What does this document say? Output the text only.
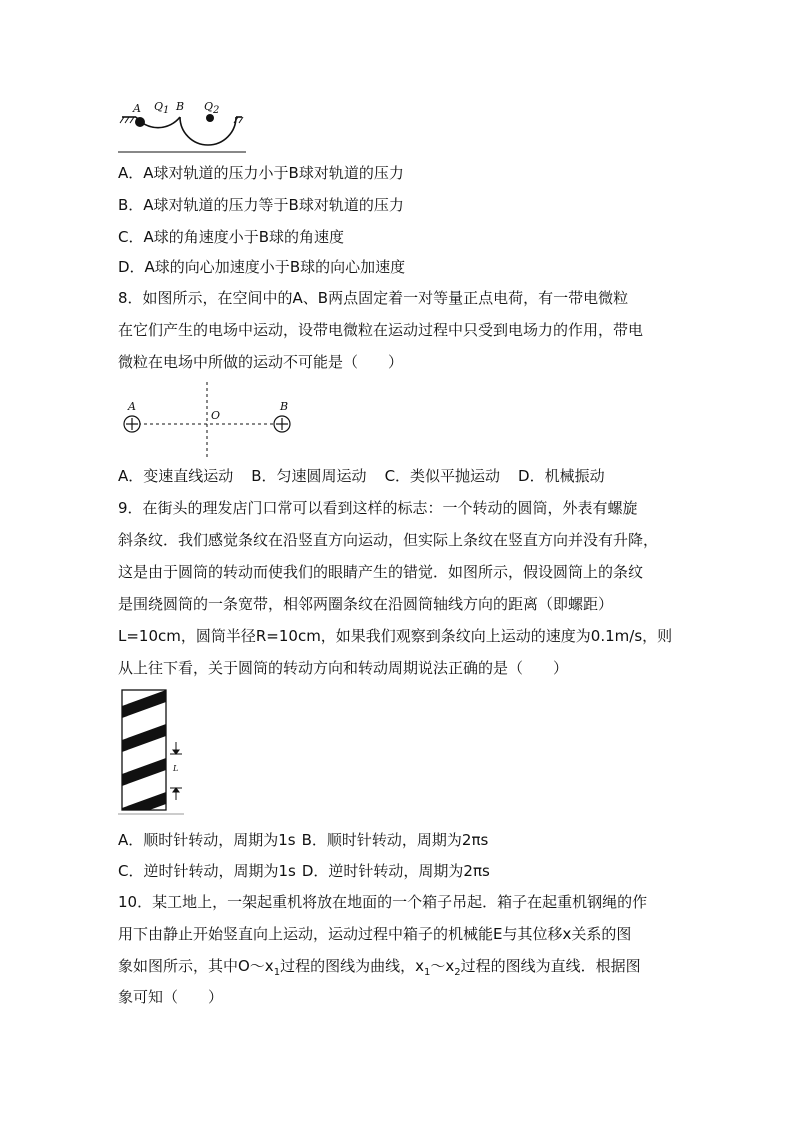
A $Q_1$ B $Q_2$
A．A球对轨道的压力小于B球对轨道的压力
B．A球对轨道的压力等于B球对轨道的压力
C．A球的角速度小于B球的角速度
D．A球的向心加速度小于B球的向心加速度
8．如图所示，在空间中的A、B两点固定着一对等量正点电荷，有一带电微粒
在它们产生的电场中运动，设带电微粒在运动过程中只受到电场力的作用，带电
微粒在电场中所做的运动不可能是（　　）
A
O
B
A．变速直线运动 B．匀速圆周运动 C．类似平抛运动 D．机械振动
9．在街头的理发店门口常可以看到这样的标志：一个转动的圆筒，外表有螺旋
斜条纹．我们感觉条纹在沿竖直方向运动，但实际上条纹在竖直方向并没有升降，
这是由于圆筒的转动而使我们的眼睛产生的错觉．如图所示，假设圆筒上的条纹
是围绕圆筒的一条宽带，相邻两圈条纹在沿圆筒轴线方向的距离（即螺距）
L=10cm，圆筒半径R=10cm，如果我们观察到条纹向上运动的速度为0.1m/s，则
从上往下看，关于圆筒的转动方向和转动周期说法正确的是（　　）
L
A．顺时针转动，周期为1s B．顺时针转动，周期为2πs
C．逆时针转动，周期为1s D．逆时针转动，周期为2πs
10．某工地上，一架起重机将放在地面的一个箱子吊起．箱子在起重机钢绳的作
用下由静止开始竖直向上运动，运动过程中箱子的机械能E与其位移x关系的图
象如图所示，其中$O\sim x_1$过程的图线为曲线，$x_1\sim x_2$过程的图线为直线．根据图
象可知（　　）
